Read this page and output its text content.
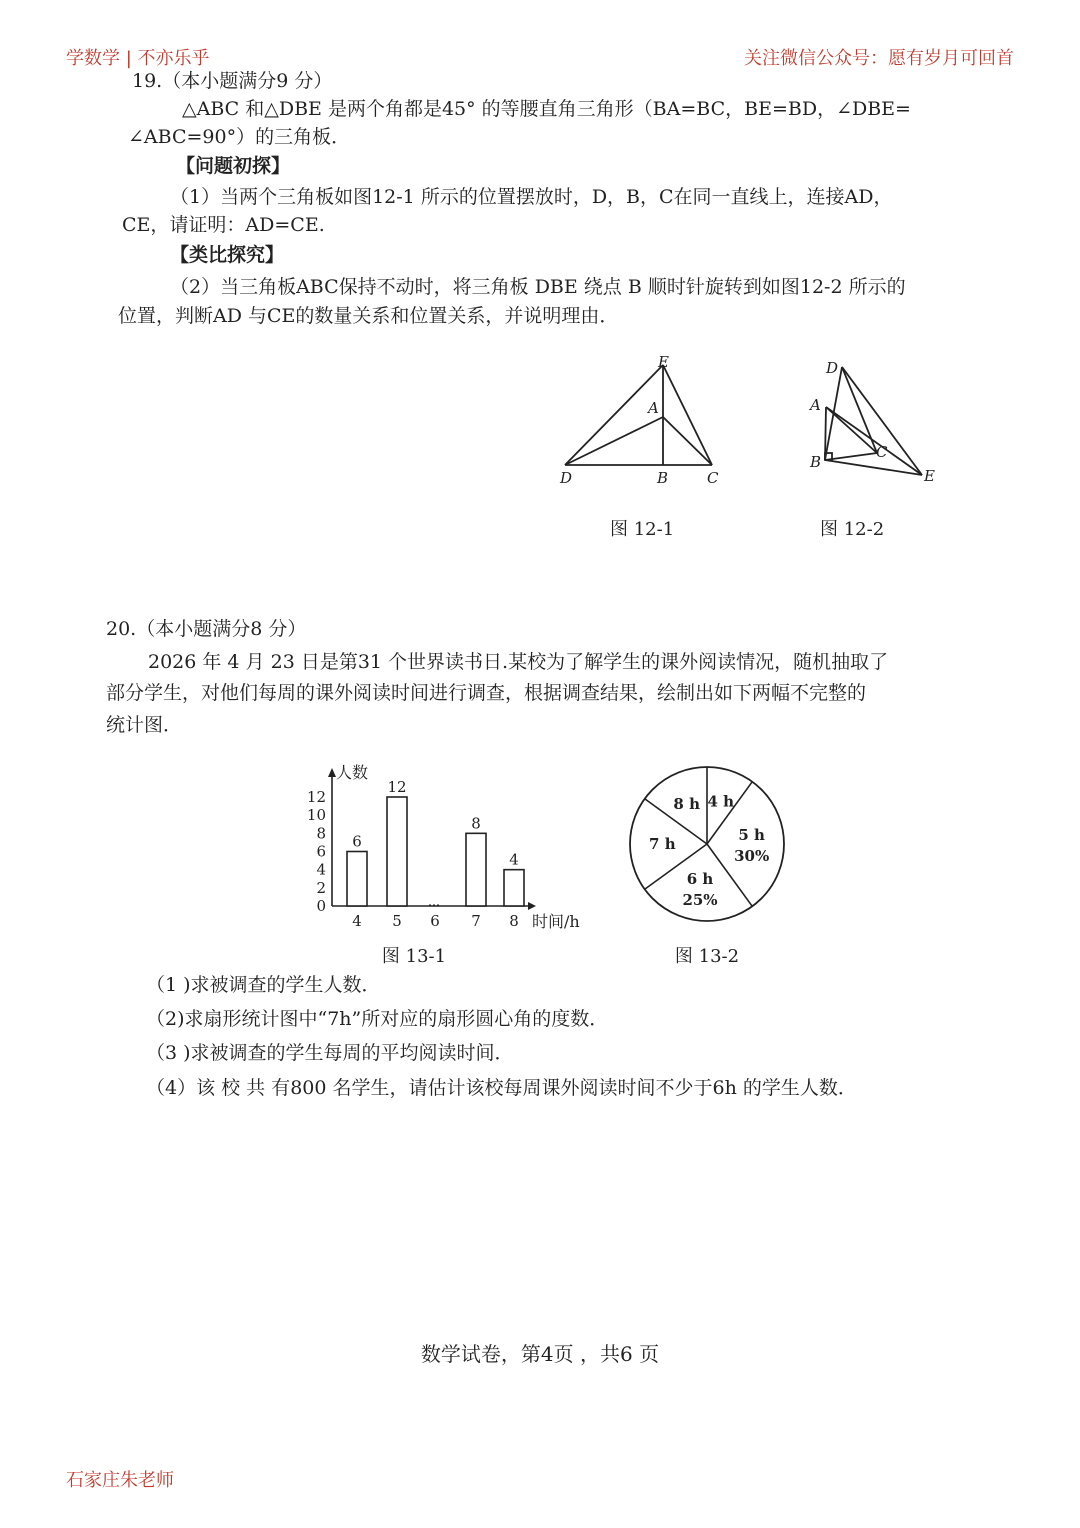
学数学 | 不亦乐乎	关注微信公众号：愿有岁月可回首
19.（本小题满分9 分）
△ABC 和△DBE 是两个角都是45° 的等腰直角三角形（BA=BC，BE=BD，∠DBE=
∠ABC=90°）的三角板．
【问题初探】
（1）当两个三角板如图12-1 所示的位置摆放时，D，B，C在同一直线上，连接AD，
CE，请证明：AD=CE.
【类比探究】
（2）当三角板ABC保持不动时，将三角板 DBE 绕点 B 顺时针旋转到如图12-2 所示的
位置，判断AD 与CE的数量关系和位置关系，并说明理由．
E
A
D	B	C
图 12-1
D
A
B
C
E
图 12-2
20.（本小题满分8 分）
2026 年 4 月 23 日是第31 个世界读书日.某校为了解学生的课外阅读情况，随机抽取了
部分学生，对他们每周的课外阅读时间进行调查，根据调查结果，绘制出如下两幅不完整的
统计图．
人数
时间/h
0
2
4
6
8
10
12
4
6
5
12
6 7
8
8
4
图 13-1
4 h
5 h
30%
6 h
25%
7 h
8 h
图 13-2
（1 )求被调查的学生人数．
（2)求扇形统计图中“7h”所对应的扇形圆心角的度数．
（3 )求被调查的学生每周的平均阅读时间．
（4）该 校 共 有800 名学生，请估计该校每周课外阅读时间不少于6h 的学生人数．
数学试卷，第4页 ，共6 页
石家庄朱老师
